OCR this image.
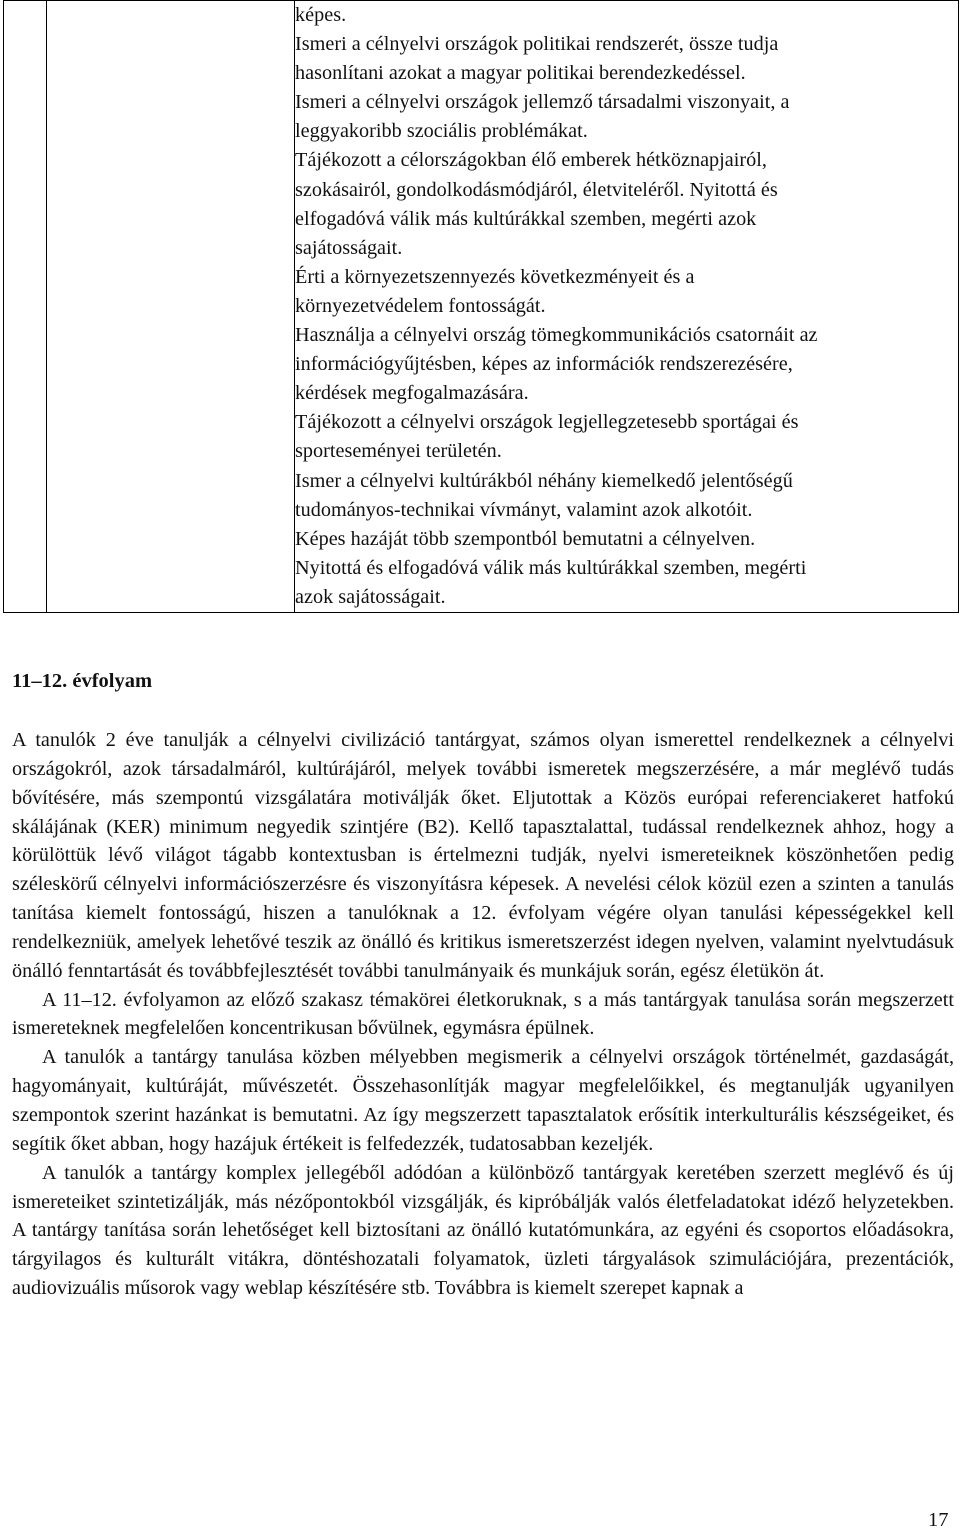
képes.
Ismeri a célnyelvi országok politikai rendszerét, össze tudja
hasonlítani azokat a magyar politikai berendezkedéssel.
Ismeri a célnyelvi országok jellemző társadalmi viszonyait, a
leggyakoribb szociális problémákat.
Tájékozott a célországokban élő emberek hétköznapjairól,
szokásairól, gondolkodásmódjáról, életviteléről. Nyitottá és
elfogadóvá válik más kultúrákkal szemben, megérti azok
sajátosságait.
Érti a környezetszennyezés következményeit és a
környezetvédelem fontosságát.
Használja a célnyelvi ország tömegkommunikációs csatornáit az
információgyűjtésben, képes az információk rendszerezésére,
kérdések megfogalmazására.
Tájékozott a célnyelvi országok legjellegzetesebb sportágai és
sporteseményei területén.
Ismer a célnyelvi kultúrákból néhány kiemelkedő jelentőségű
tudományos-technikai vívmányt, valamint azok alkotóit.
Képes hazáját több szempontból bemutatni a célnyelven.
Nyitottá és elfogadóvá válik más kultúrákkal szemben, megérti
azok sajátosságait.
11–12. évfolyam

A tanulók 2 éve tanulják a célnyelvi civilizáció tantárgyat, számos olyan ismerettel rendelkeznek a célnyelvi országokról, azok társadalmáról, kultúrájáról, melyek további ismeretek megszerzésére, a már meglévő tudás bővítésére, más szempontú vizsgálatára motiválják őket. Eljutottak a Közös európai referenciakeret hatfokú skálájának (KER) minimum negyedik szintjére (B2). Kellő tapasztalattal, tudással rendelkeznek ahhoz, hogy a körülöttük lévő világot tágabb kontextusban is értelmezni tudják, nyelvi ismereteiknek köszönhetően pedig széleskörű célnyelvi információszerzésre és viszonyításra képesek. A nevelési célok közül ezen a szinten a tanulás tanítása kiemelt fontosságú, hiszen a tanulóknak a 12. évfolyam végére olyan tanulási képességekkel kell rendelkezniük, amelyek lehetővé teszik az önálló és kritikus ismeretszerzést idegen nyelven, valamint nyelvtudásuk önálló fenntartását és továbbfejlesztését további tanulmányaik és munkájuk során, egész életükön át.

A 11–12. évfolyamon az előző szakasz témakörei életkoruknak, s a más tantárgyak tanulása során megszerzett ismereteknek megfelelően koncentrikusan bővülnek, egymásra épülnek.

A tanulók a tantárgy tanulása közben mélyebben megismerik a célnyelvi országok történelmét, gazdaságát, hagyományait, kultúráját, művészetét. Összehasonlítják magyar megfelelőikkel, és megtanulják ugyanilyen szempontok szerint hazánkat is bemutatni. Az így megszerzett tapasztalatok erősítik interkulturális készségeiket, és segítik őket abban, hogy hazájuk értékeit is felfedezzék, tudatosabban kezeljék.

A tanulók a tantárgy komplex jellegéből adódóan a különböző tantárgyak keretében szerzett meglévő és új ismereteiket szintetizálják, más nézőpontokból vizsgálják, és kipróbálják valós életfeladatokat idéző helyzetekben. A tantárgy tanítása során lehetőséget kell biztosítani az önálló kutatómunkára, az egyéni és csoportos előadásokra, tárgyilagos és kulturált vitákra, döntéshozatali folyamatok, üzleti tárgyalások szimulációjára, prezentációk, audiovizuális műsorok vagy weblap készítésére stb. Továbbra is kiemelt szerepet kapnak a

17
